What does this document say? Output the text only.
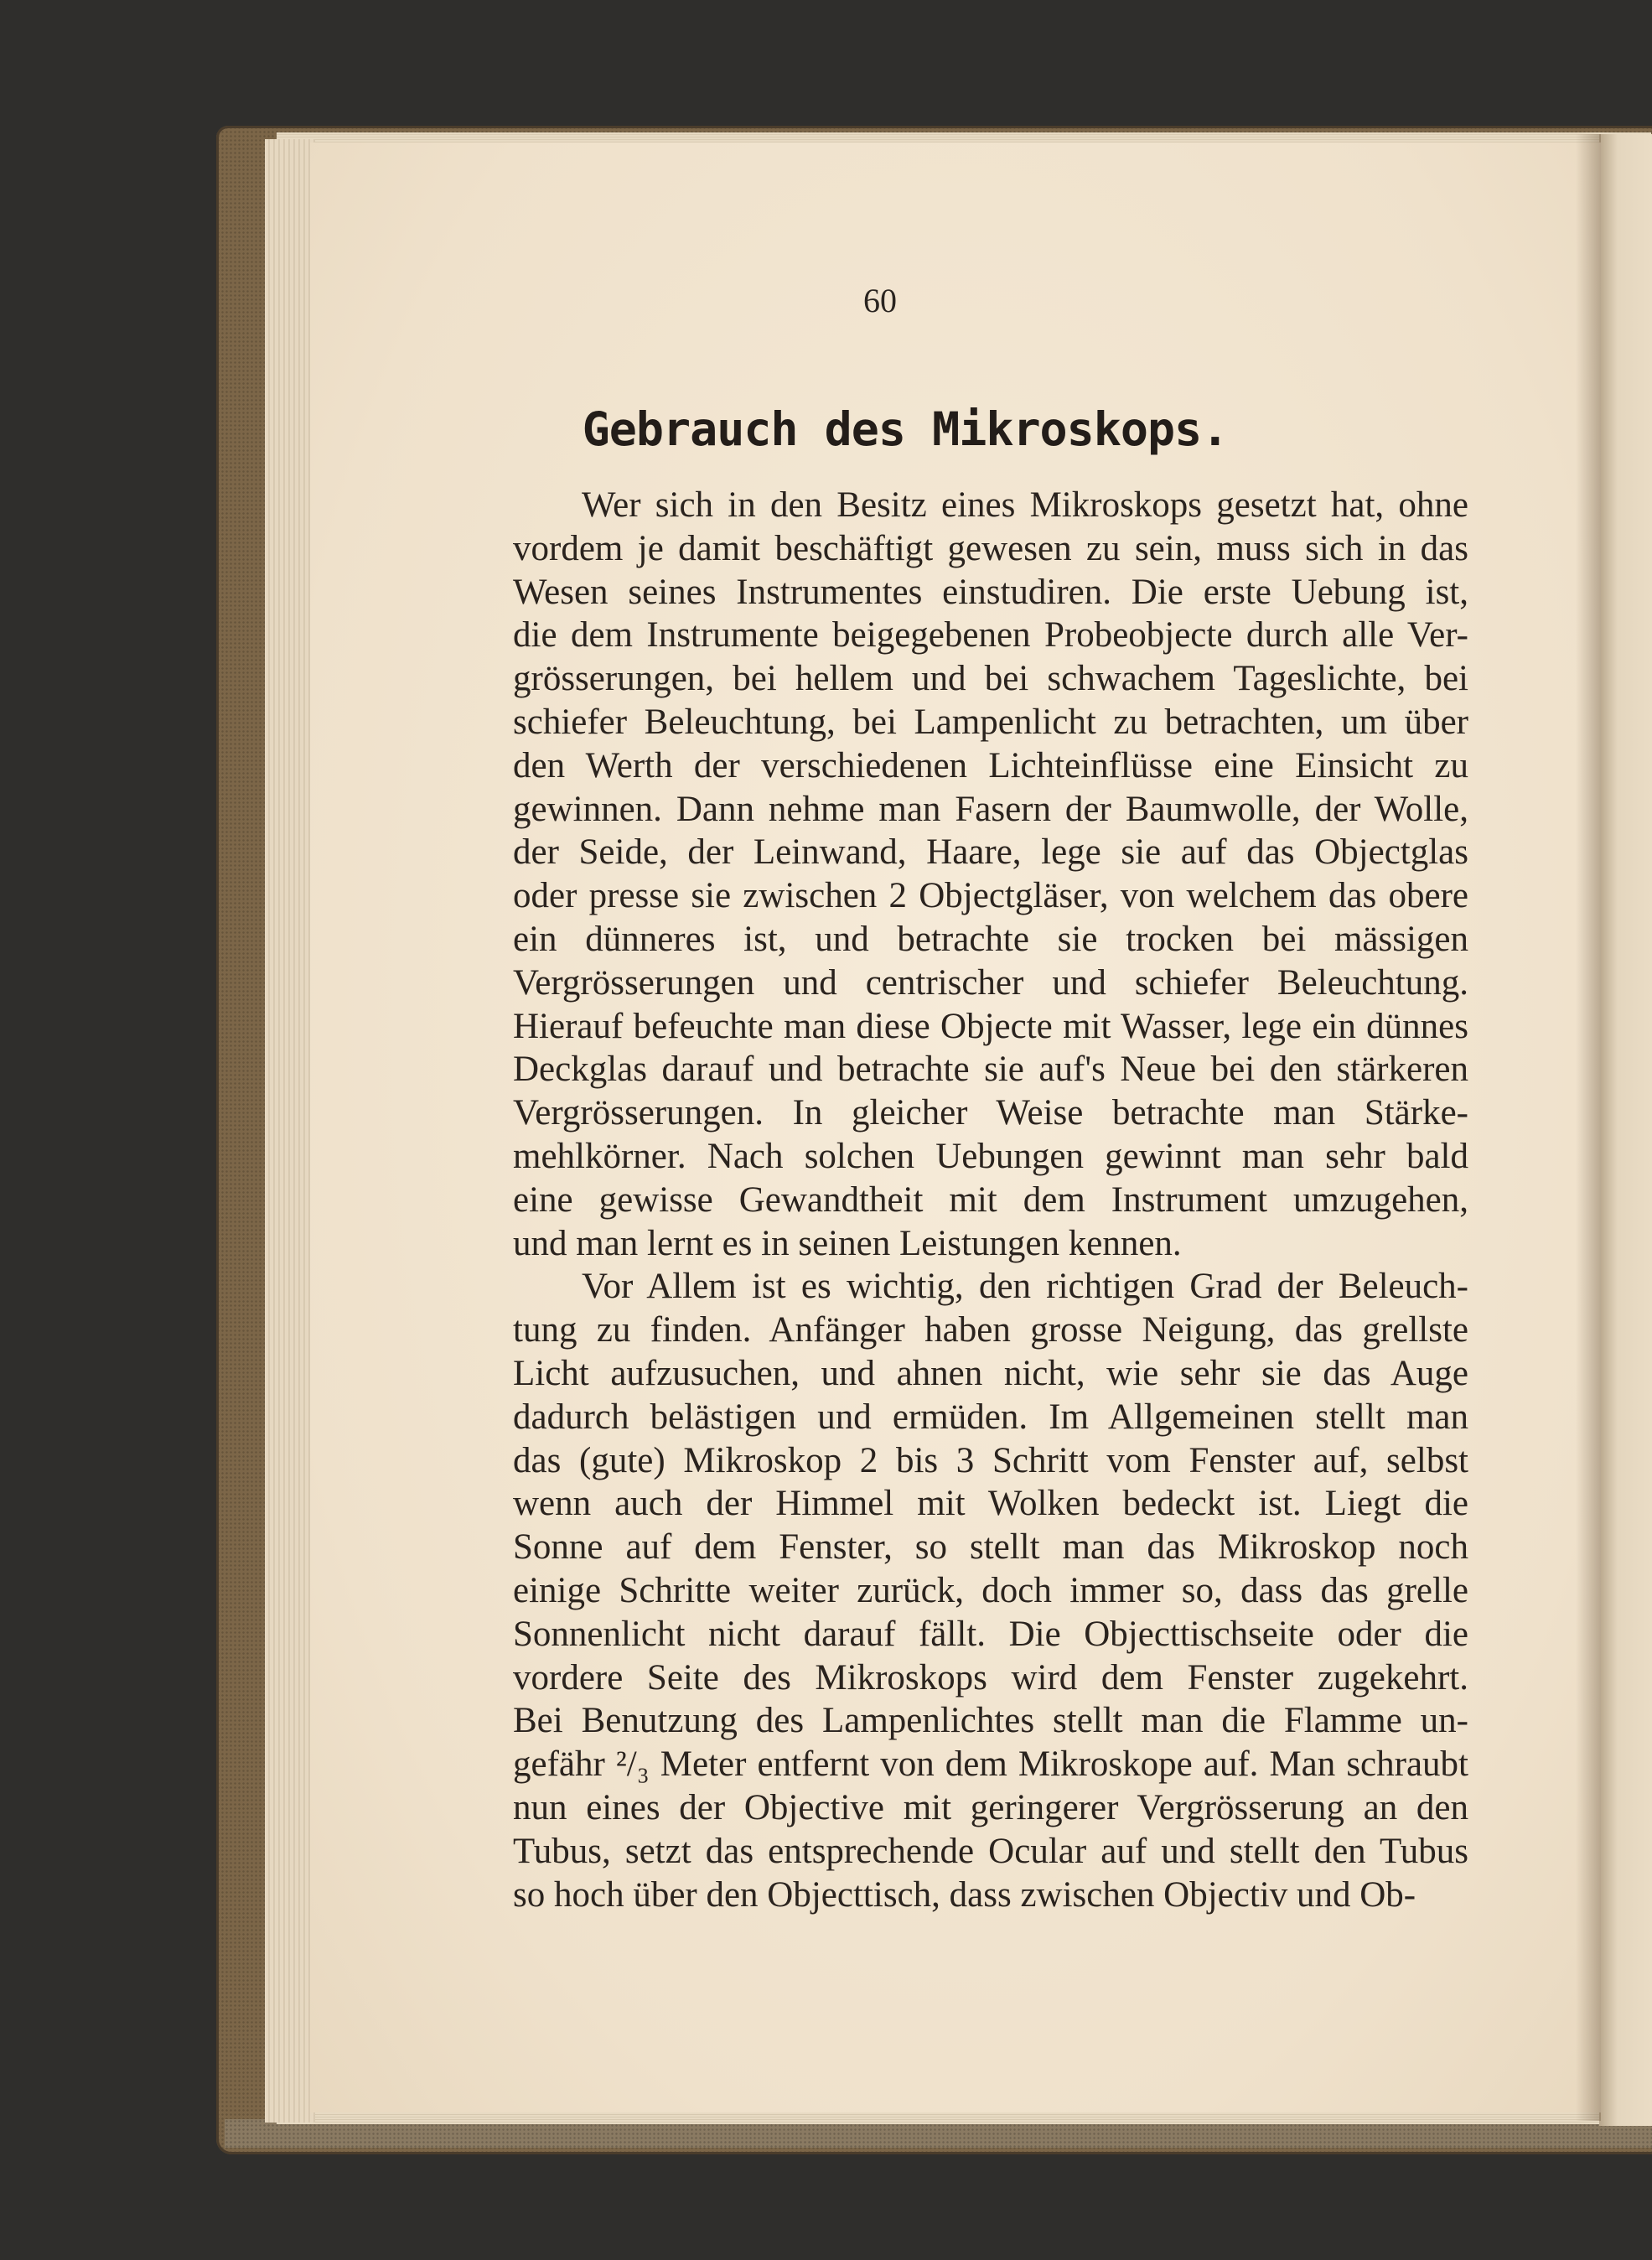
60
Gebrauch des Mikroskops.
Wer sich in den Besitz eines Mikroskops gesetzt hat, ohne
vordem je damit beschäftigt gewesen zu sein, muss sich in das
Wesen seines Instrumentes einstudiren. Die erste Uebung ist,
die dem Instrumente beigegebenen Probeobjecte durch alle Ver-
grösserungen, bei hellem und bei schwachem Tageslichte, bei
schiefer Beleuchtung, bei Lampenlicht zu betrachten, um über
den Werth der verschiedenen Lichteinflüsse eine Einsicht zu
gewinnen. Dann nehme man Fasern der Baumwolle, der Wolle,
der Seide, der Leinwand, Haare, lege sie auf das Objectglas
oder presse sie zwischen 2 Objectgläser, von welchem das obere
ein dünneres ist, und betrachte sie trocken bei mässigen
Vergrösserungen und centrischer und schiefer Beleuchtung.
Hierauf befeuchte man diese Objecte mit Wasser, lege ein dünnes
Deckglas darauf und betrachte sie auf's Neue bei den stärkeren
Vergrösserungen. In gleicher Weise betrachte man Stärke-
mehlkörner. Nach solchen Uebungen gewinnt man sehr bald
eine gewisse Gewandtheit mit dem Instrument umzugehen,
und man lernt es in seinen Leistungen kennen.
Vor Allem ist es wichtig, den richtigen Grad der Beleuch-
tung zu finden. Anfänger haben grosse Neigung, das grellste
Licht aufzusuchen, und ahnen nicht, wie sehr sie das Auge
dadurch belästigen und ermüden. Im Allgemeinen stellt man
das (gute) Mikroskop 2 bis 3 Schritt vom Fenster auf, selbst
wenn auch der Himmel mit Wolken bedeckt ist. Liegt die
Sonne auf dem Fenster, so stellt man das Mikroskop noch
einige Schritte weiter zurück, doch immer so, dass das grelle
Sonnenlicht nicht darauf fällt. Die Objecttischseite oder die
vordere Seite des Mikroskops wird dem Fenster zugekehrt.
Bei Benutzung des Lampenlichtes stellt man die Flamme un-
gefähr ²/₃ Meter entfernt von dem Mikroskope auf. Man schraubt
nun eines der Objective mit geringerer Vergrösserung an den
Tubus, setzt das entsprechende Ocular auf und stellt den Tubus
so hoch über den Objecttisch, dass zwischen Objectiv und Ob-
